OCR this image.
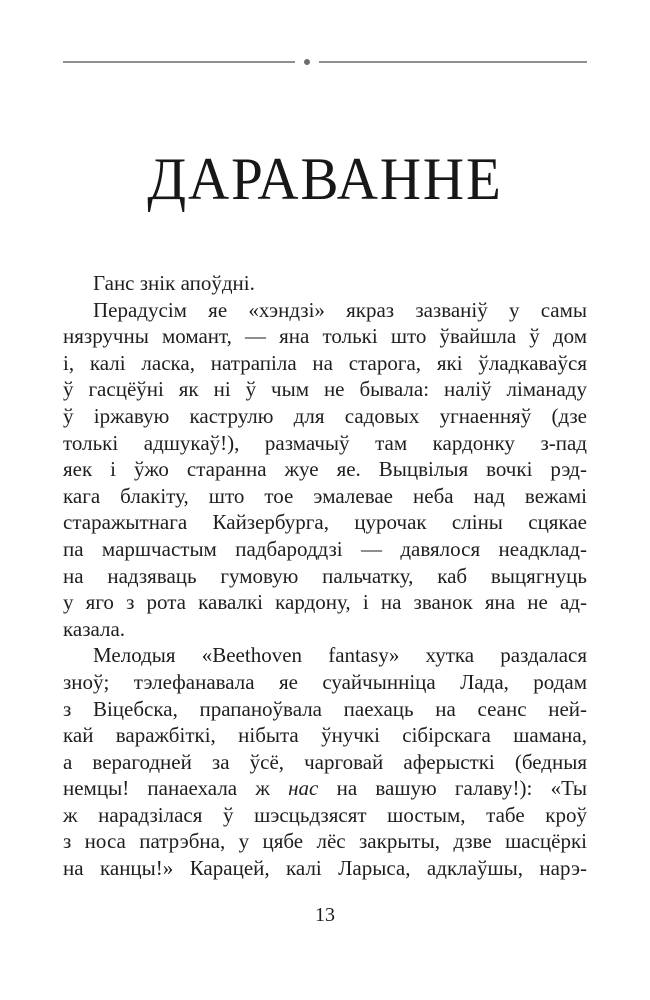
ДАРАВАННЕ
Ганс знік апоўдні.
Перадусім яе «хэндзі» якраз зазваніў у самы
нязручны момант, — яна толькі што ўвайшла ў дом
і, калі ласка, натрапіла на старога, які ўладкаваўся
ў гасцёўні як ні ў чым не бывала: наліў ліманаду
ў іржавую каструлю для садовых угнаенняў (дзе
толькі адшукаў!), размачыў там кардонку з-пад
яек і ўжо старанна жуе яе. Выцвілыя вочкі рэд-
кага блакіту, што тое эмалевае неба над вежамі
старажытнага Кайзербурга, цурочак сліны сцякае
па маршчастым падбароддзі — давялося неадклад-
на надзяваць гумовую пальчатку, каб выцягнуць
у яго з рота кавалкі кардону, і на званок яна не ад-
казала.
Мелодыя «Beethoven fantasy» хутка раздалася
зноў; тэлефанавала яе суайчынніца Лада, родам
з Віцебска, прапаноўвала паехаць на сеанс ней-
кай варажбіткі, нібыта ўнучкі сібірскага шамана,
а верагодней за ўсё, чарговай аферысткі (бедныя
немцы! панаехала ж нас на вашую галаву!): «Ты
ж нарадзілася ў шэсцьдзясят шостым, табе кроў
з носа патрэбна, у цябе лёс закрыты, дзве шасцёркі
на канцы!» Карацей, калі Ларыса, адклаўшы, нарэ-
13
